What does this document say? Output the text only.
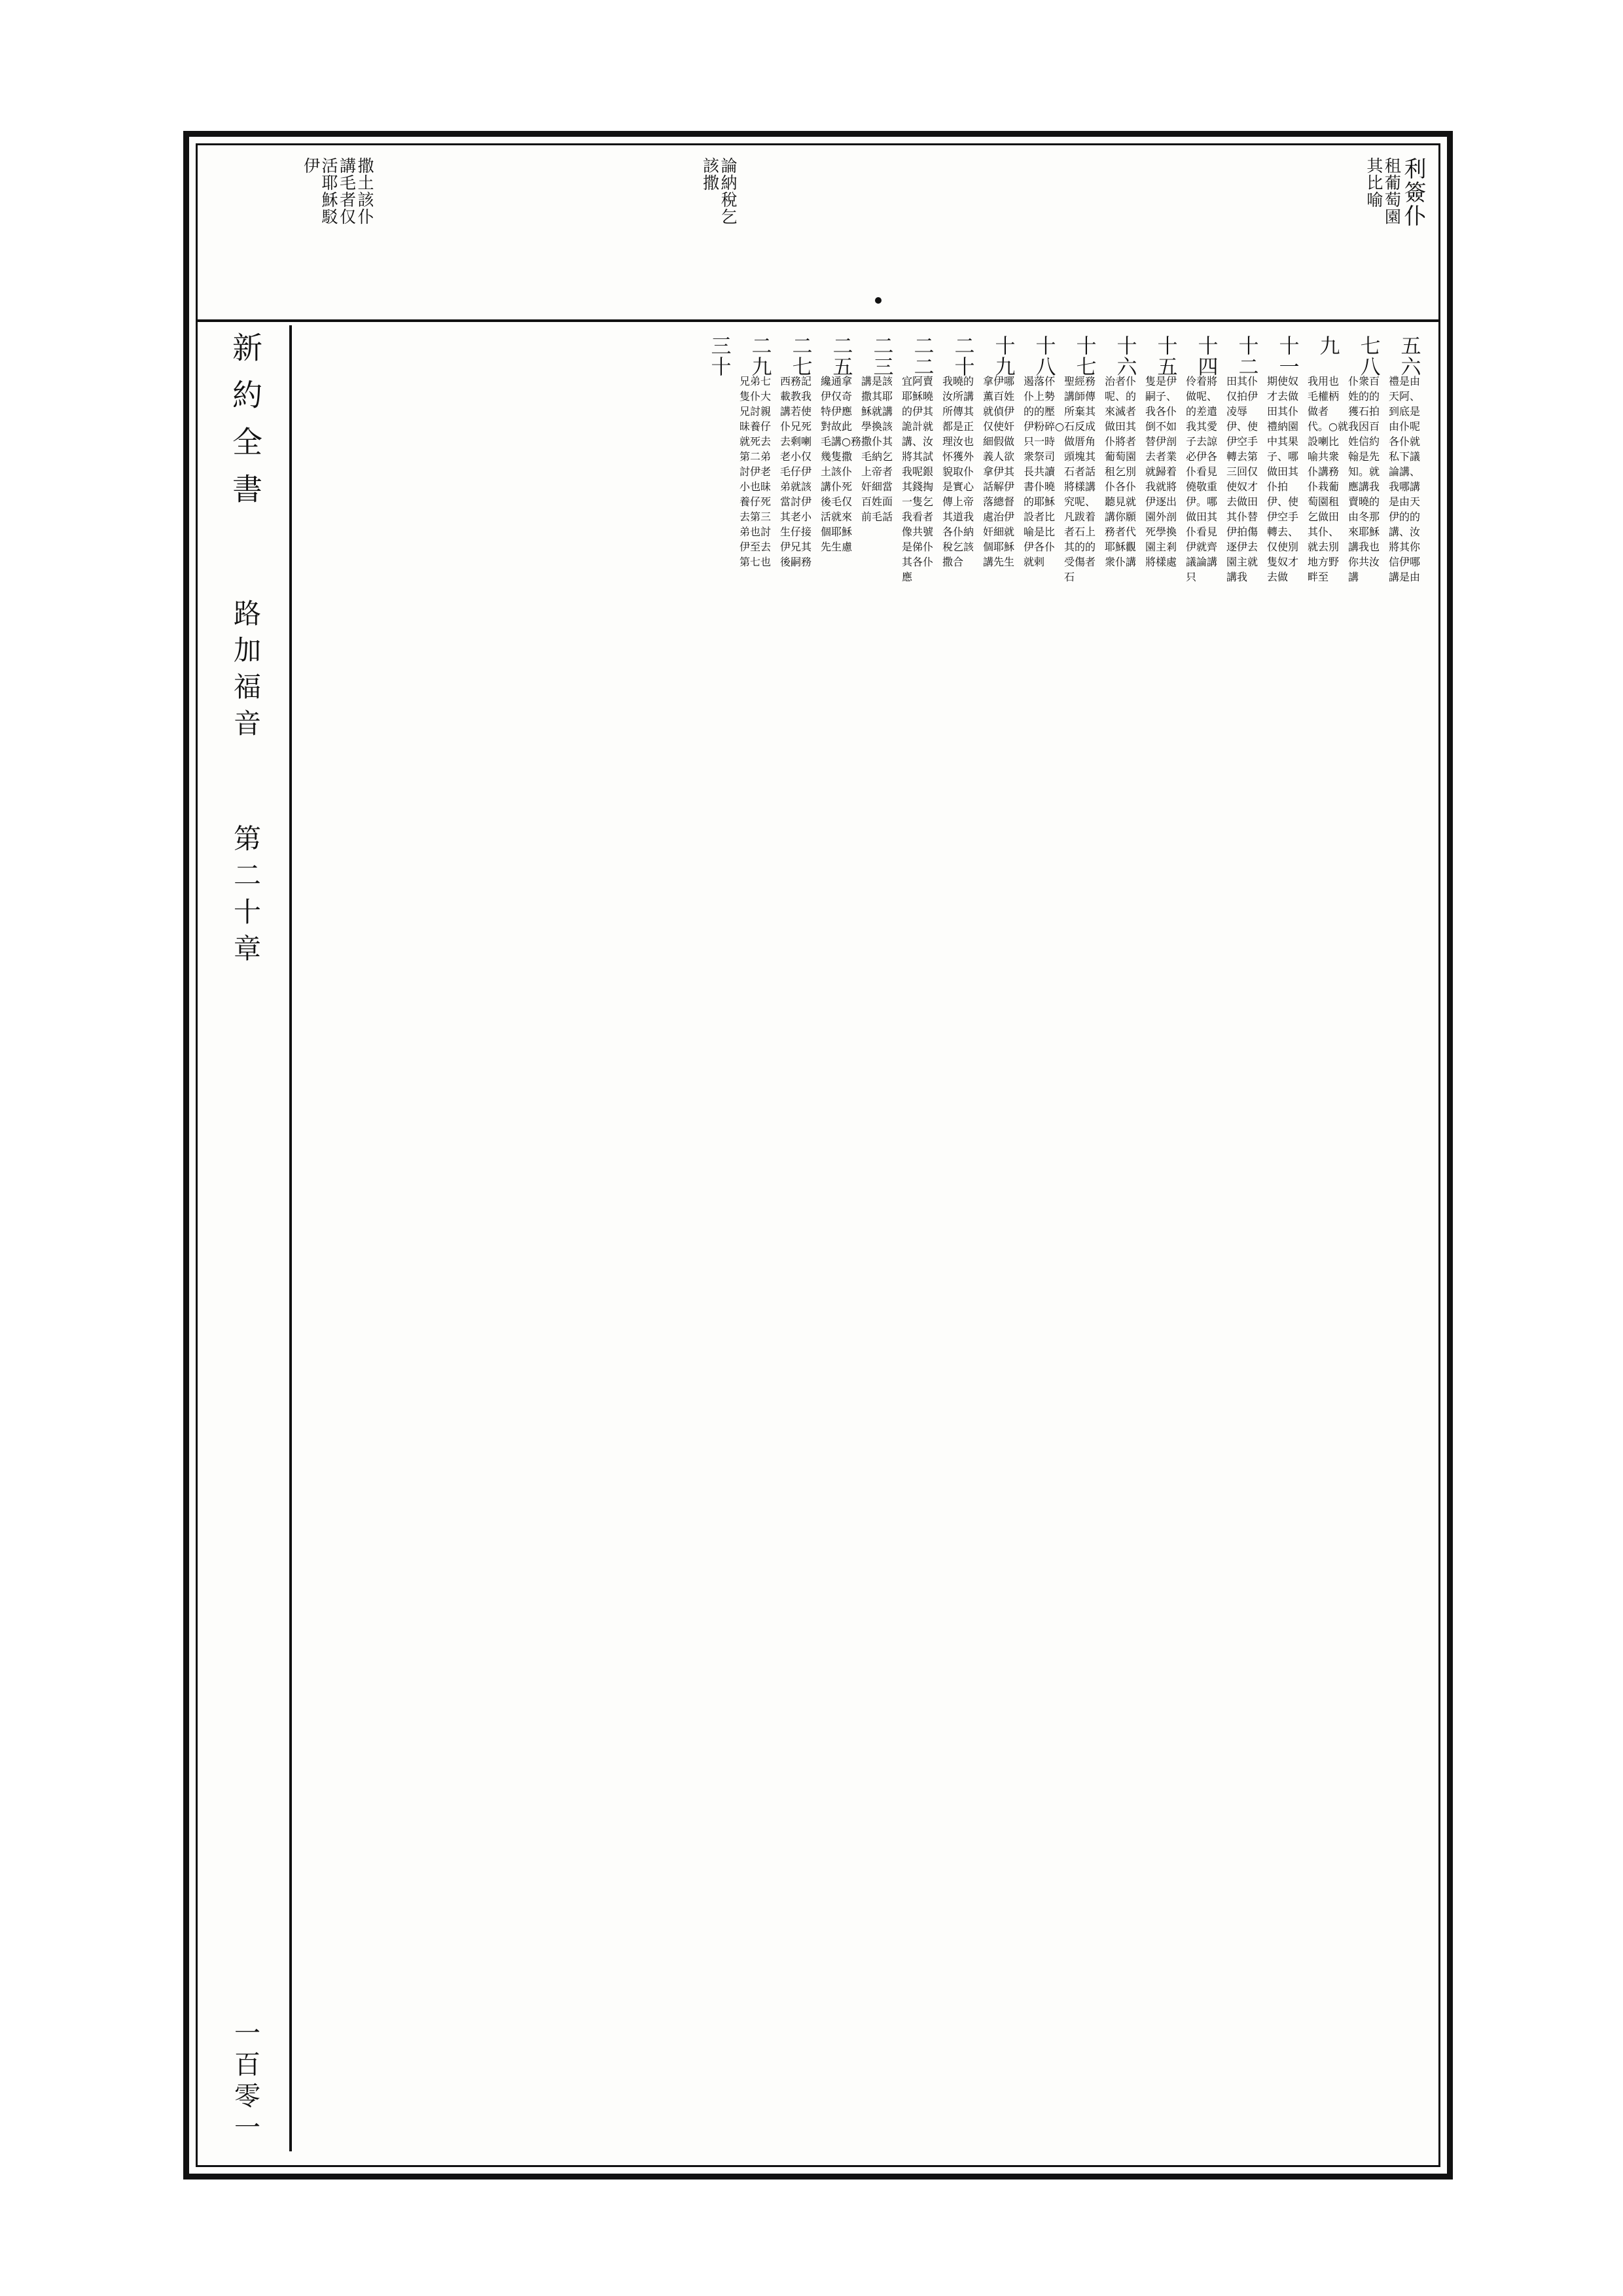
利簽仆
租葡萄園
其比喻
論納稅乞
該撒
撒土該仆
講毛者仅
活耶穌駁
伊
新約全書
路加福音
第二十章
一百零一
五六
禮是由天阿、到底是由仆呢各仆就私下議論講、我哪講是由天伊的的講、汝將其你信伊哪講是由
七八
仆衆百姓的的獲石拍我因百姓信約翰是先知。就應講我賣曉的由冬那來耶穌講我也你共汝講
九
我用也毛權柄做者代。○就設喇比喻共衆仆講務仆栽葡萄園租乞做田其仆、就去別地方野畔至
十一
期使奴才去做田其仆禮納園中其果子、哪做田其仆拍伊、使伊空手轉去、仅使別隻奴才去做
十二
田其仆仅拍伊凌辱伊、使伊空手轉去第三回仅使奴才去做田其仆替伊拍傷逐伊去園主就講我
十四
伶着將做呢、的差遣我其愛子去諒必伊各仆看見僥敬重伊。哪做田其仆看見伊就齊議論講只
十五
隻是伊嗣子、我各仆倒不如替伊剖去者業就歸着我就將伊逐出園外剖死學換園主剎將樣處
十六
治者仆呢、的來滅者做田其仆將者葡萄園租乞別仆各仆聽見就講你願務者代耶穌觀衆仆講
十七
聖經務講師傳所棄其石反成做厝角頭塊其石者話將樣講究呢、凡跋着者石上其的的受傷者石
十八
遏落伓仆上勢的的壓伊粉碎○只一時衆祭司長共讀書仆曉的耶穌設者比喻是比伊各仆就剌
十九
拿伊哪薫百姓就偵伊仅使奸細假做義人欲拿伊其話解伊落總督處治伊奸細就個耶穌講先生
二十
我曉的汝所講所傳其都是正理汝也怀獲外貌取仆是實心傳上帝其道我各仆納稅乞該撒合
二二
宜阿賣耶穌曉的伊其詭計就講、汝將其試我呢銀其錢掏一隻乞我看者像共號是俤仆其各仆應
二三
講是該撒其耶穌就講學換該撒仆其毛納乞上帝者奸細當百姓面前毛話
二五
纔通拿伊仅奇特伊應對故此毛講○務幾隻撒土該仆講仆死後毛仅活就來個耶穌先生慮
二七
西務記載教我講若使仆兄死去剩喇老小仅毛仔伊弟就該當討伊其老小生仔接伊兄其後嗣務
二九
兄弟七隻仆大兄討親昧養仔就死去第二弟討伊老小也昧養仔死去第三弟也討伊至去第七也
三十
